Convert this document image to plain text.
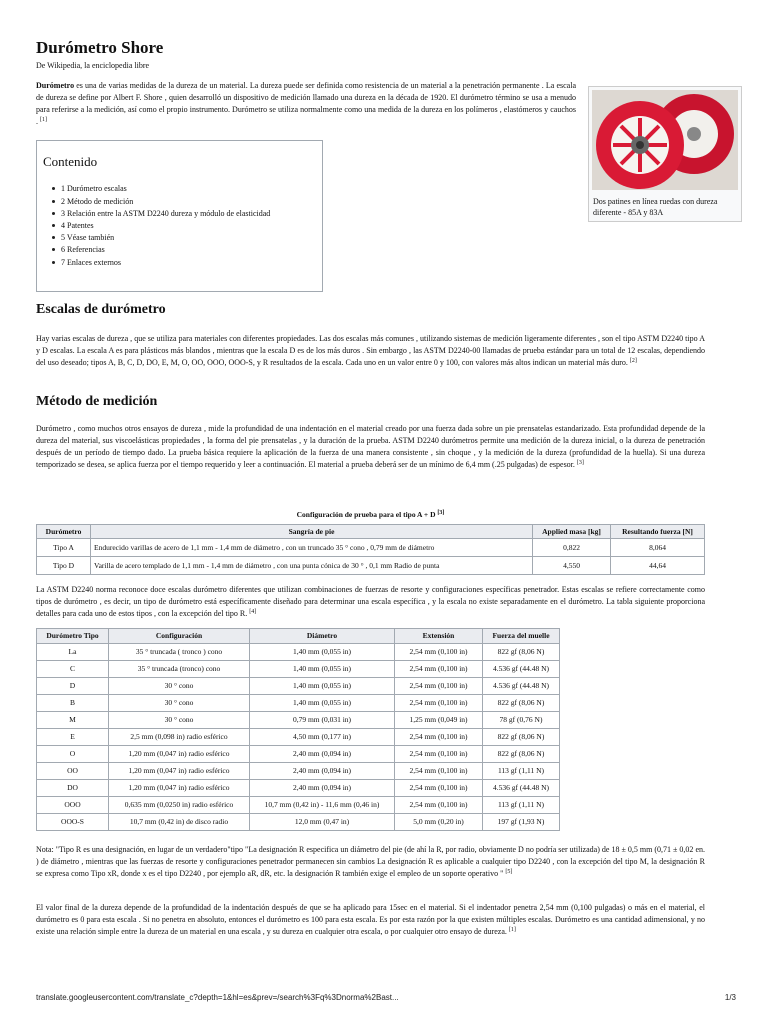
Durómetro Shore
De Wikipedia, la enciclopedia libre

Durómetro es una de varias medidas de la dureza de un material. La dureza puede ser definida como resistencia de un material a la penetración permanente . La escala de dureza se define por Albert F. Shore , quien desarrolló un dispositivo de medición llamado una dureza en la década de 1920. El durómetro término se usa a menudo para referirse a la medición, así como el propio instrumento. Durómetro se utiliza normalmente como una medida de la dureza en los polímeros , elastómeros y cauchos . [1]

Dos patines en línea ruedas con dureza diferente - 85A y 83A
Contenido
1 Durómetro escalas
2 Método de medición
3 Relación entre la ASTM D2240 dureza y módulo de elasticidad
4 Patentes
5 Véase también
6 Referencias
7 Enlaces externos
Escalas de durómetro

Hay varias escalas de dureza , que se utiliza para materiales con diferentes propiedades. Las dos escalas más comunes , utilizando sistemas de medición ligeramente diferentes , son el tipo ASTM D2240 tipo A y D escalas. La escala A es para plásticos más blandos , mientras que la escala D es de los más duros . Sin embargo , las ASTM D2240-00 llamadas de prueba estándar para un total de 12 escalas, dependiendo del uso deseado; tipos A, B, C, D, DO, E, M, O, OO, OOO, OOO-S, y R resultados de la escala. Cada uno en un valor entre 0 y 100, con valores más altos indican un material más duro. [2]

Método de medición

Durómetro , como muchos otros ensayos de dureza , mide la profundidad de una indentación en el material creado por una fuerza dada sobre un pie prensatelas estandarizado. Esta profundidad depende de la dureza del material, sus viscoelásticas propiedades , la forma del pie prensatelas , y la duración de la prueba. ASTM D2240 durómetros permite una medición de la dureza inicial, o la dureza de penetración después de un período de tiempo dado. La prueba básica requiere la aplicación de la fuerza de una manera consistente , sin choque , y la medición de la dureza (profundidad de la huella). Si una dureza temporizado se desea, se aplica fuerza por el tiempo requerido y leer a continuación. El material a prueba deberá ser de un mínimo de 6,4 mm (.25 pulgadas) de espesor. [3]

Configuración de prueba para el tipo A + D [3]
Durómetro	Sangría de pie	Applied masa [kg]	Resultando fuerza [N]
Tipo A	Endurecido varillas de acero de 1,1 mm - 1,4 mm de diámetro , con un truncado 35 ° cono , 0,79 mm de diámetro	0,822	8,064
Tipo D	Varilla de acero templado de 1,1 mm - 1,4 mm de diámetro , con una punta cónica de 30 ° , 0,1 mm Radio de punta	4,550	44,64

La ASTM D2240 norma reconoce doce escalas durómetro diferentes que utilizan combinaciones de fuerzas de resorte y configuraciones específicas penetrador. Estas escalas se refiere correctamente como tipos de durómetro , es decir, un tipo de durómetro está específicamente diseñado para determinar una escala específica , y la escala no existe separadamente en el durómetro. La tabla siguiente proporciona detalles para cada uno de estos tipos , con la excepción del tipo R. [4]

Durómetro Tipo	Configuración	Diámetro	Extensión	Fuerza del muelle
La	35 ° truncada ( tronco ) cono	1,40 mm (0,055 in)	2,54 mm (0,100 in)	822 gf (8,06 N)
C	35 ° truncada (tronco) cono	1,40 mm (0,055 in)	2,54 mm (0,100 in)	4.536 gf (44.48 N)
D	30 ° cono	1,40 mm (0,055 in)	2,54 mm (0,100 in)	4.536 gf (44.48 N)
B	30 ° cono	1,40 mm (0,055 in)	2,54 mm (0,100 in)	822 gf (8,06 N)
M	30 ° cono	0,79 mm (0,031 in)	1,25 mm (0,049 in)	78 gf (0,76 N)
E	2,5 mm (0,098 in) radio esférico	4,50 mm (0,177 in)	2,54 mm (0,100 in)	822 gf (8,06 N)
O	1,20 mm (0,047 in) radio esférico	2,40 mm (0,094 in)	2,54 mm (0,100 in)	822 gf (8,06 N)
OO	1,20 mm (0,047 in) radio esférico	2,40 mm (0,094 in)	2,54 mm (0,100 in)	113 gf (1,11 N)
DO	1,20 mm (0,047 in) radio esférico	2,40 mm (0,094 in)	2,54 mm (0,100 in)	4.536 gf (44.48 N)
OOO	0,635 mm (0,0250 in) radio esférico	10,7 mm (0,42 in) - 11,6 mm (0,46 in)	2,54 mm (0,100 in)	113 gf (1,11 N)
OOO-S	10,7 mm (0,42 in) de disco radio	12,0 mm (0,47 in)	5,0 mm (0,20 in)	197 gf (1,93 N)

Nota: "Tipo R es una designación, en lugar de un verdadero"tipo "La designación R especifica un diámetro del pie (de ahí la R, por radio, obviamente D no podría ser utilizada) de 18 ± 0,5 mm (0,71 ± 0,02 en. ) de diámetro , mientras que las fuerzas de resorte y configuraciones penetrador permanecen sin cambios La designación R es aplicable a cualquier tipo D2240 , con la excepción del tipo M, la designación R se expresa como Tipo xR, donde x es el tipo D2240 , por ejemplo aR, dR, etc. la designación R también exige el empleo de un soporte operativo " [5]

El valor final de la dureza depende de la profundidad de la indentación después de que se ha aplicado para 15sec en el material. Si el indentador penetra 2,54 mm (0,100 pulgadas) o más en el material, el durómetro es 0 para esta escala . Si no penetra en absoluto, entonces el durómetro es 100 para esta escala. Es por esta razón por la que existen múltiples escalas. Durómetro es una cantidad adimensional, y no existe una relación simple entre la dureza de un material en una escala , y su dureza en cualquier otra escala, o por cualquier otro ensayo de dureza. [1]

translate.googleusercontent.com/translate_c?depth=1&hl=es&prev=/search%3Fq%3Dnorma%2Bast...	1/3
